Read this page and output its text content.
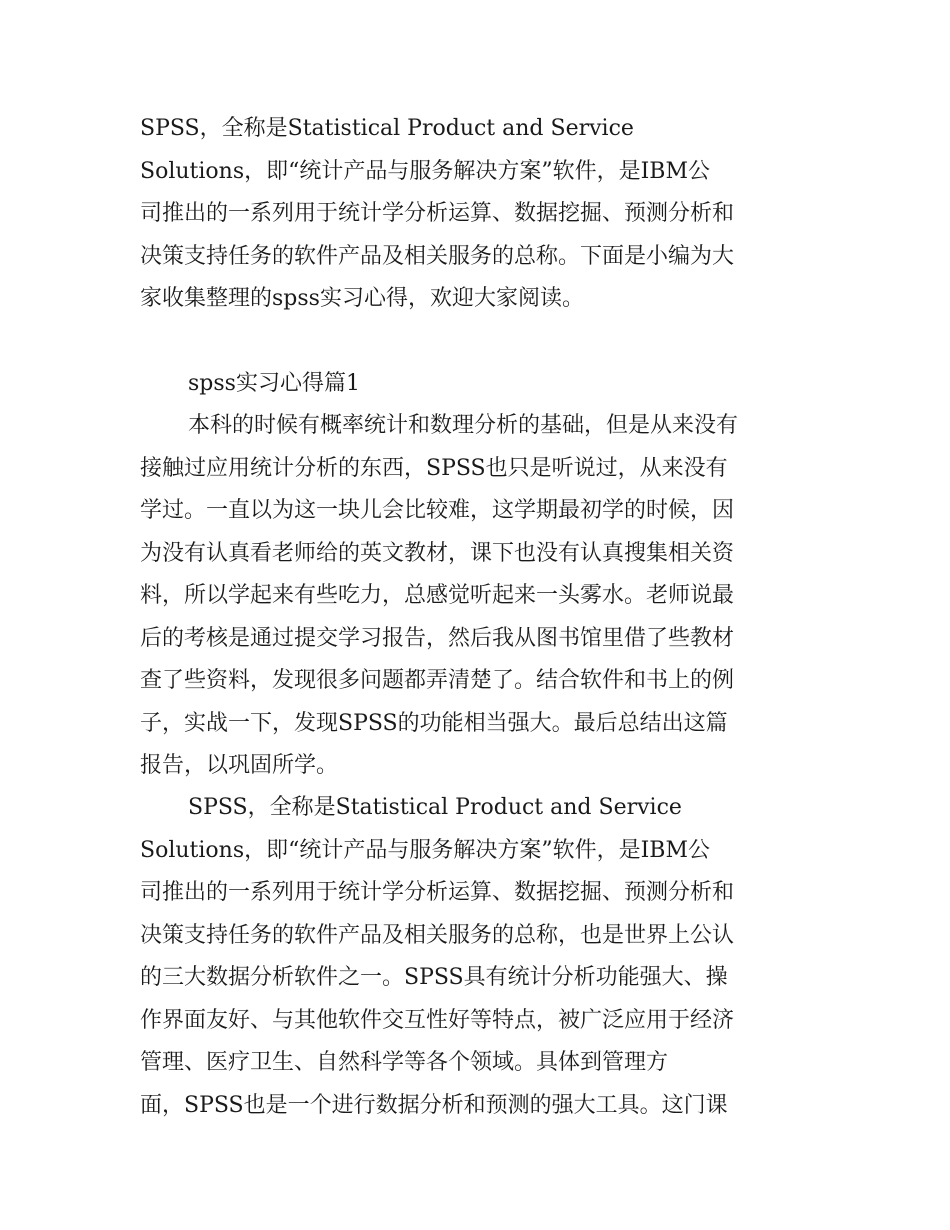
SPSS，全称是Statistical Product and Service
Solutions，即“统计产品与服务解决方案”软件，是IBM公
司推出的一系列用于统计学分析运算、数据挖掘、预测分析和
决策支持任务的软件产品及相关服务的总称。下面是小编为大
家收集整理的spss实习心得，欢迎大家阅读。
spss实习心得篇1
本科的时候有概率统计和数理分析的基础，但是从来没有
接触过应用统计分析的东西，SPSS也只是听说过，从来没有
学过。一直以为这一块儿会比较难，这学期最初学的时候，因
为没有认真看老师给的英文教材，课下也没有认真搜集相关资
料，所以学起来有些吃力，总感觉听起来一头雾水。老师说最
后的考核是通过提交学习报告，然后我从图书馆里借了些教材
查了些资料，发现很多问题都弄清楚了。结合软件和书上的例
子，实战一下，发现SPSS的功能相当强大。最后总结出这篇
报告，以巩固所学。
SPSS，全称是Statistical Product and Service
Solutions，即“统计产品与服务解决方案”软件，是IBM公
司推出的一系列用于统计学分析运算、数据挖掘、预测分析和
决策支持任务的软件产品及相关服务的总称，也是世界上公认
的三大数据分析软件之一。SPSS具有统计分析功能强大、操
作界面友好、与其他软件交互性好等特点，被广泛应用于经济
管理、医疗卫生、自然科学等各个领域。具体到管理方
面，SPSS也是一个进行数据分析和预测的强大工具。这门课
